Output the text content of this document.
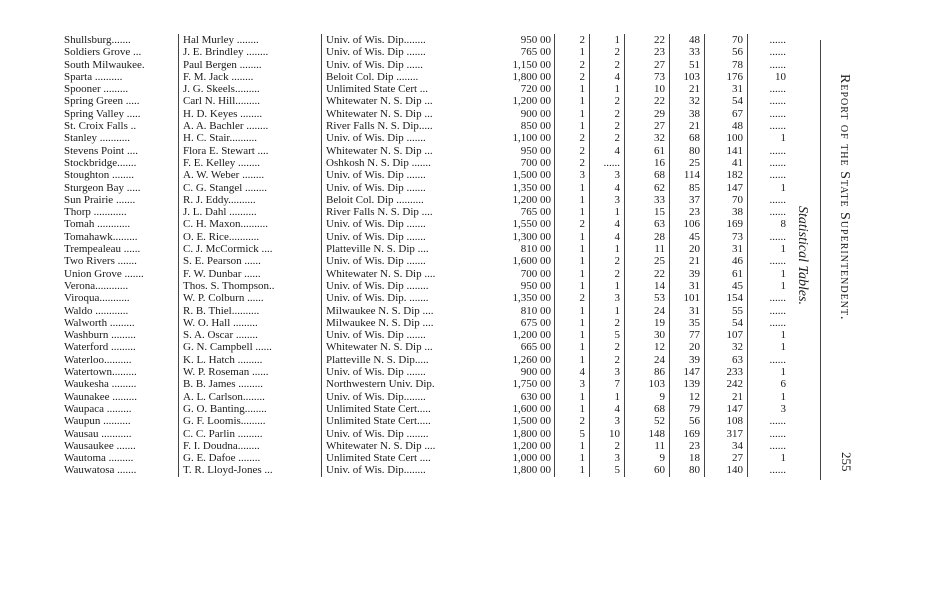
Shullsburg.......	Hal Murley ........	Univ. of Wis. Dip........	950 00	2	1	22	48	70	......
Soldiers Grove ...	J. E. Brindley ........	Univ. of Wis. Dip .......	765 00	1	2	23	33	56	......
South Milwaukee.	Paul Bergen ........	Univ. of Wis. Dip ......	1,150 00	2	2	27	51	78	......
Sparta ..........	F. M. Jack ........	Beloit Col. Dip ........	1,800 00	2	4	73	103	176	10
Spooner .........	J. G. Skeels.........	Unlimited State Cert ...	720 00	1	1	10	21	31	......
Spring Green .....	Carl N. Hill.........	Whitewater N. S. Dip ...	1,200 00	1	2	22	32	54	......
Spring Valley .....	H. D. Keyes ........	Whitewater N. S. Dip ...	900 00	1	2	29	38	67	......
St. Croix Falls ..	A. A. Bachler ........	River Falls N. S. Dip.....	850 00	1	2	27	21	48	......
Stanley ...........	H. C. Stair..........	Univ. of Wis. Dip .......	1,100 00	2	2	32	68	100	1
Stevens Point ....	Flora E. Stewart ....	Whitewater N. S. Dip ...	950 00	2	4	61	80	141	......
Stockbridge.......	F. E. Kelley ........	Oshkosh N. S. Dip .......	700 00	2	......	16	25	41	......
Stoughton ........	A. W. Weber ........	Univ. of Wis. Dip .......	1,500 00	3	3	68	114	182	......
Sturgeon Bay .....	C. G. Stangel ........	Univ. of Wis. Dip .......	1,350 00	1	4	62	85	147	1
Sun Prairie .......	R. J. Eddy..........	Beloit Col. Dip ..........	1,200 00	1	3	33	37	70	......
Thorp ............	J. L. Dahl ..........	River Falls N. S. Dip ....	765 00	1	1	15	23	38	......
Tomah ............	C. H. Maxon..........	Univ. of Wis. Dip .......	1,550 00	2	4	63	106	169	8
Tomahawk.........	O. E. Rice...........	Univ. of Wis. Dip .......	1,300 00	1	4	28	45	73	......
Trempealeau ......	C. J. McCormick ....	Platteville N. S. Dip ....	810 00	1	1	11	20	31	1
Two Rivers .......	S. E. Pearson ......	Univ. of Wis. Dip .......	1,600 00	1	2	25	21	46	......
Union Grove .......	F. W. Dunbar ......	Whitewater N. S. Dip ....	700 00	1	2	22	39	61	1
Verona............	Thos. S. Thompson..	Univ. of Wis. Dip ........	950 00	1	1	14	31	45	1
Viroqua...........	W. P. Colburn ......	Univ. of Wis. Dip. .......	1,350 00	2	3	53	101	154	......
Waldo ............	R. B. Thiel..........	Milwaukee N. S. Dip ....	810 00	1	1	24	31	55	......
Walworth .........	W. O. Hall .........	Milwaukee N. S. Dip ....	675 00	1	2	19	35	54	......
Washburn .........	S. A. Oscar ........	Univ. of Wis. Dip .......	1,200 00	1	5	30	77	107	1
Waterford .........	G. N. Campbell ......	Whitewater N. S. Dip ...	665 00	1	2	12	20	32	1
Waterloo..........	K. L. Hatch .........	Platteville N. S. Dip.....	1,260 00	1	2	24	39	63	......
Watertown.........	W. P. Roseman ......	Univ. of Wis. Dip .......	900 00	4	3	86	147	233	1
Waukesha .........	B. B. James .........	Northwestern Univ. Dip.	1,750 00	3	7	103	139	242	6
Waunakee .........	A. L. Carlson........	Univ. of Wis. Dip........	630 00	1	1	9	12	21	1
Waupaca .........	G. O. Banting........	Unlimited State Cert.....	1,600 00	1	4	68	79	147	3
Waupun ..........	G. F. Loomis.........	Unlimited State Cert.....	1,500 00	2	3	52	56	108	......
Wausau ...........	C. C. Parlin .........	Univ. of Wis. Dip ........	1,800 00	5	10	148	169	317	......
Wausaukee .......	F. I. Doudna........	Whitewater N. S. Dip ....	1,200 00	1	2	11	23	34	......
Wautoma .........	G. E. Dafoe ........	Unlimited State Cert ....	1,000 00	1	3	9	18	27	1
Wauwatosa .......	T. R. Lloyd-Jones ...	Univ. of Wis. Dip........	1,800 00	1	5	60	80	140	......
Report of the State Superintendent.
Statistical Tables.
255
